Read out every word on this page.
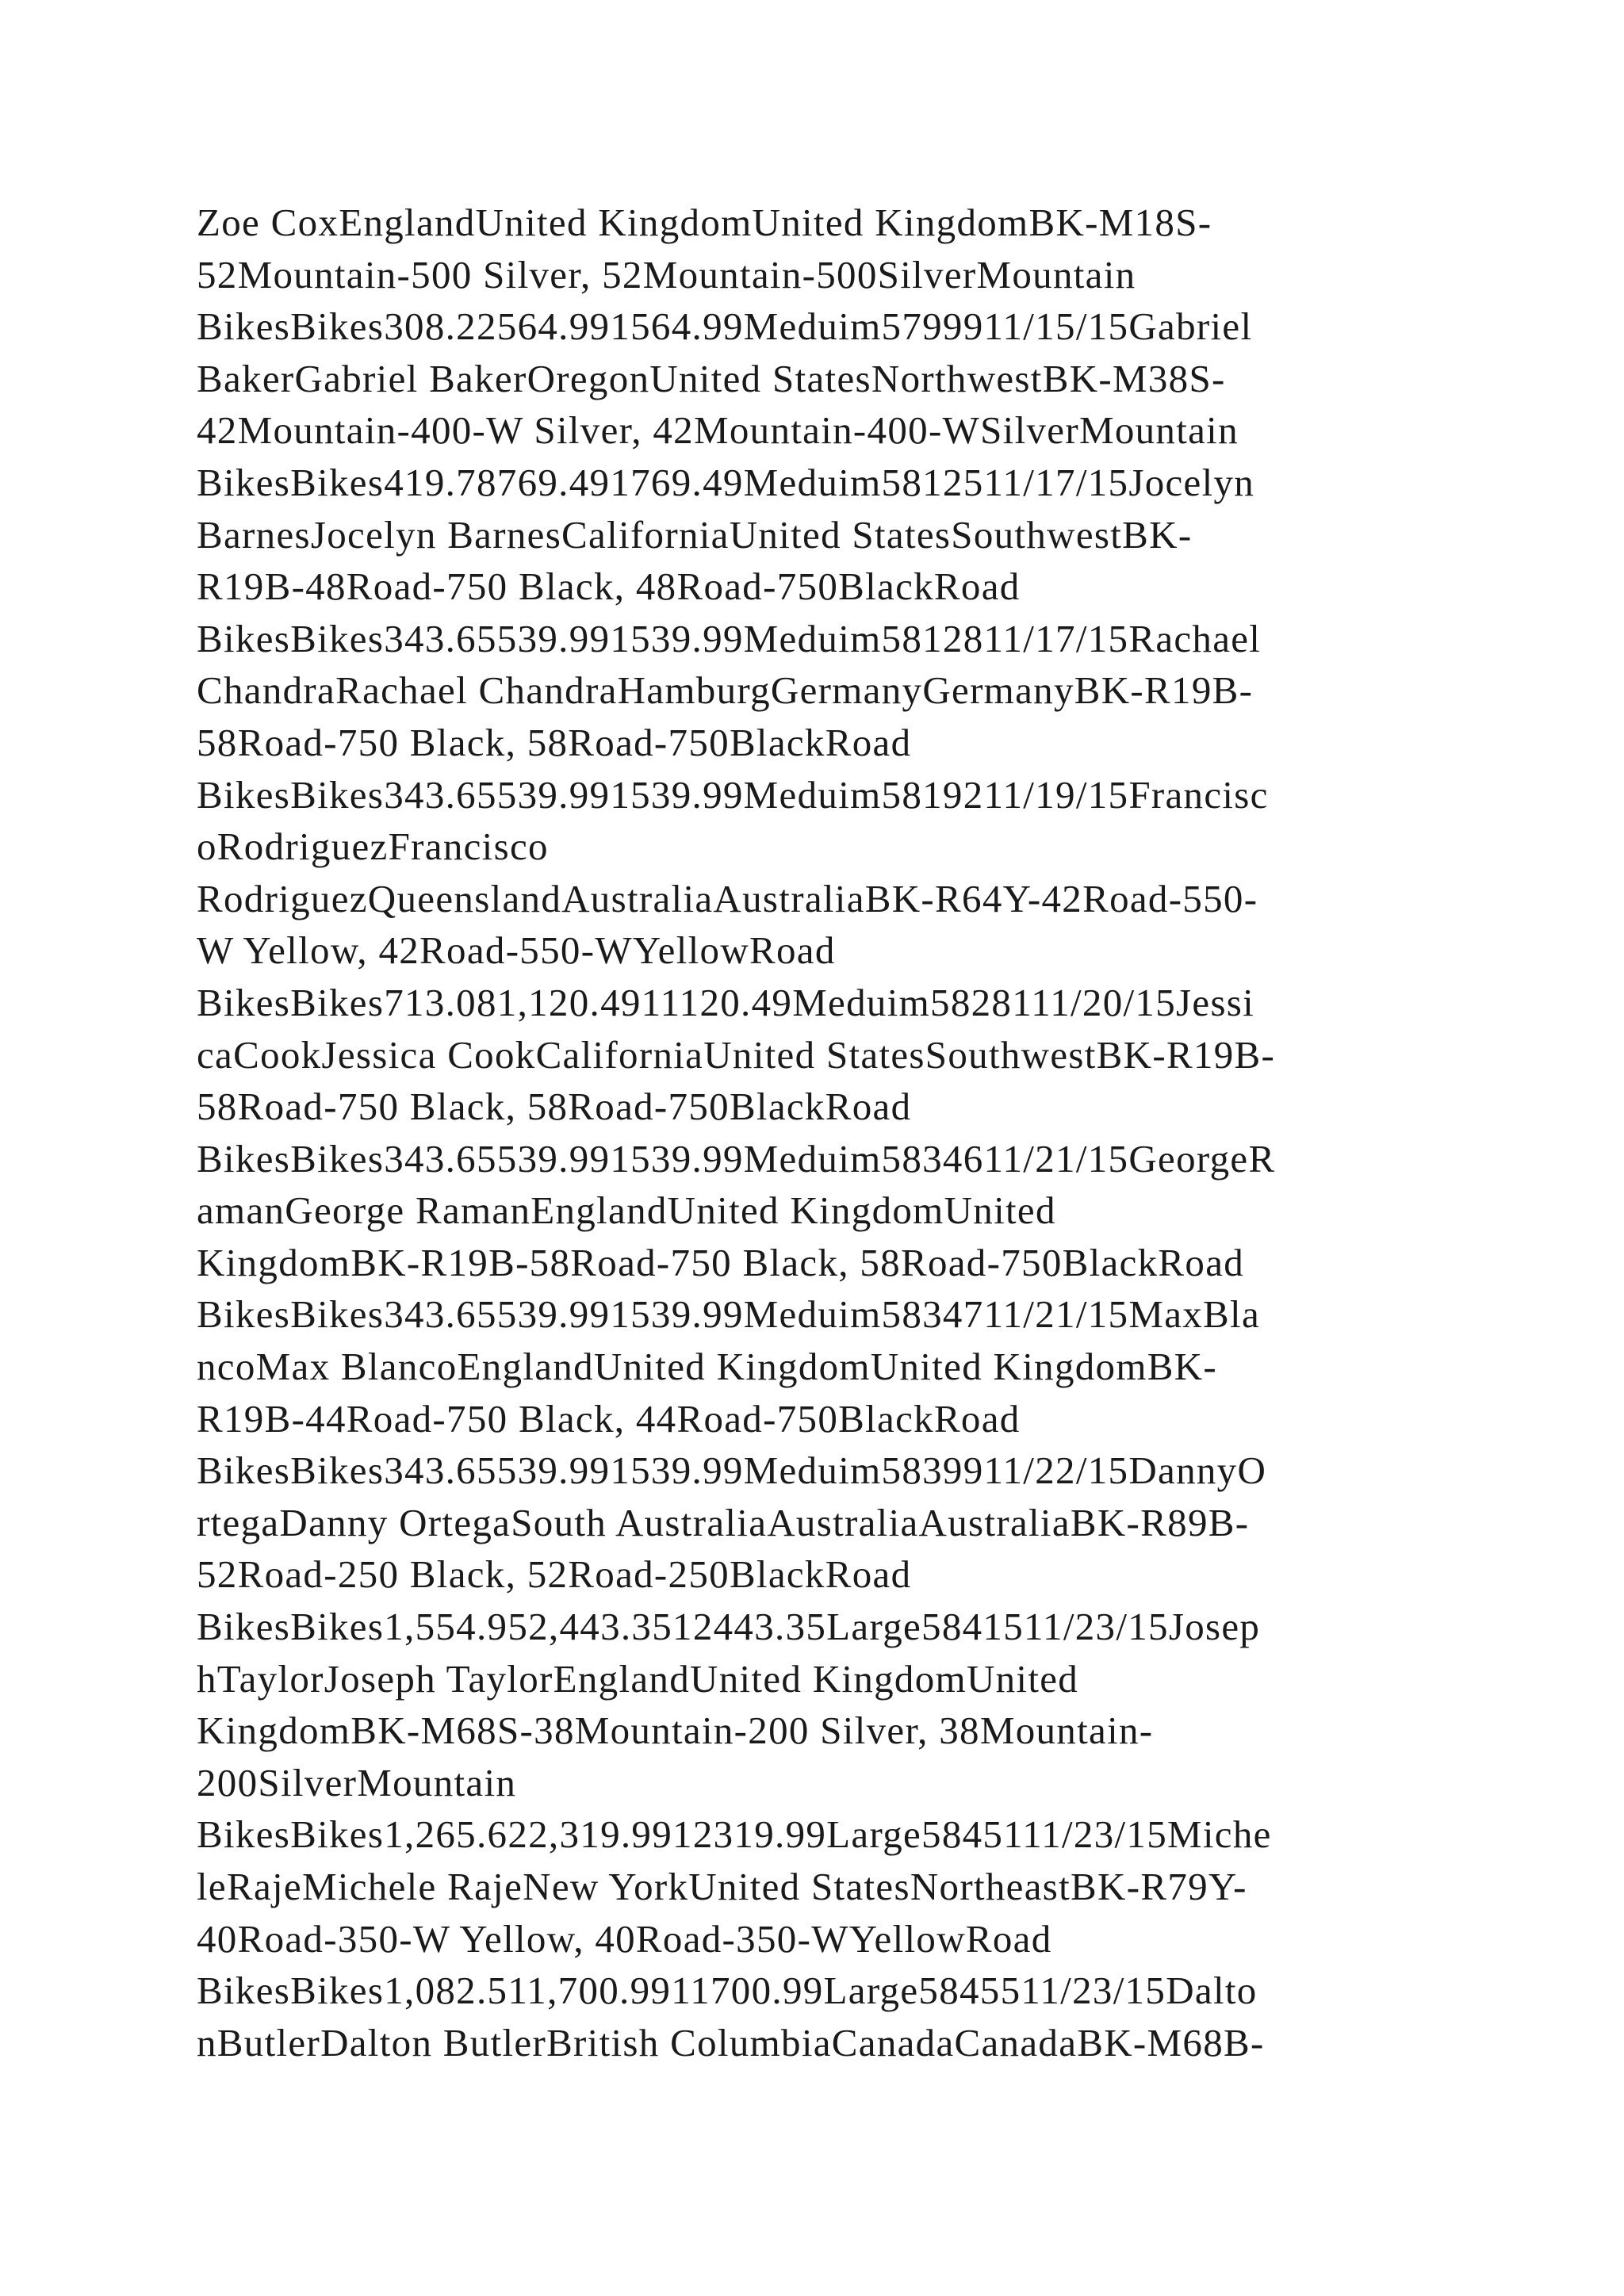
Zoe CoxEnglandUnited KingdomUnited KingdomBK-M18S-
52Mountain-500 Silver, 52Mountain-500SilverMountain
BikesBikes308.22564.991564.99Meduim5799911/15/15Gabriel
BakerGabriel BakerOregonUnited StatesNorthwestBK-M38S-
42Mountain-400-W Silver, 42Mountain-400-WSilverMountain
BikesBikes419.78769.491769.49Meduim5812511/17/15Jocelyn
BarnesJocelyn BarnesCaliforniaUnited StatesSouthwestBK-
R19B-48Road-750 Black, 48Road-750BlackRoad
BikesBikes343.65539.991539.99Meduim5812811/17/15Rachael
ChandraRachael ChandraHamburgGermanyGermanyBK-R19B-
58Road-750 Black, 58Road-750BlackRoad
BikesBikes343.65539.991539.99Meduim5819211/19/15Francisc
oRodriguezFrancisco
RodriguezQueenslandAustraliaAustraliaBK-R64Y-42Road-550-
W Yellow, 42Road-550-WYellowRoad
BikesBikes713.081,120.4911120.49Meduim5828111/20/15Jessi
caCookJessica CookCaliforniaUnited StatesSouthwestBK-R19B-
58Road-750 Black, 58Road-750BlackRoad
BikesBikes343.65539.991539.99Meduim5834611/21/15GeorgeR
amanGeorge RamanEnglandUnited KingdomUnited
KingdomBK-R19B-58Road-750 Black, 58Road-750BlackRoad
BikesBikes343.65539.991539.99Meduim5834711/21/15MaxBla
ncoMax BlancoEnglandUnited KingdomUnited KingdomBK-
R19B-44Road-750 Black, 44Road-750BlackRoad
BikesBikes343.65539.991539.99Meduim5839911/22/15DannyO
rtegaDanny OrtegaSouth AustraliaAustraliaAustraliaBK-R89B-
52Road-250 Black, 52Road-250BlackRoad
BikesBikes1,554.952,443.3512443.35Large5841511/23/15Josep
hTaylorJoseph TaylorEnglandUnited KingdomUnited
KingdomBK-M68S-38Mountain-200 Silver, 38Mountain-
200SilverMountain
BikesBikes1,265.622,319.9912319.99Large5845111/23/15Miche
leRajeMichele RajeNew YorkUnited StatesNortheastBK-R79Y-
40Road-350-W Yellow, 40Road-350-WYellowRoad
BikesBikes1,082.511,700.9911700.99Large5845511/23/15Dalto
nButlerDalton ButlerBritish ColumbiaCanadaCanadaBK-M68B-
